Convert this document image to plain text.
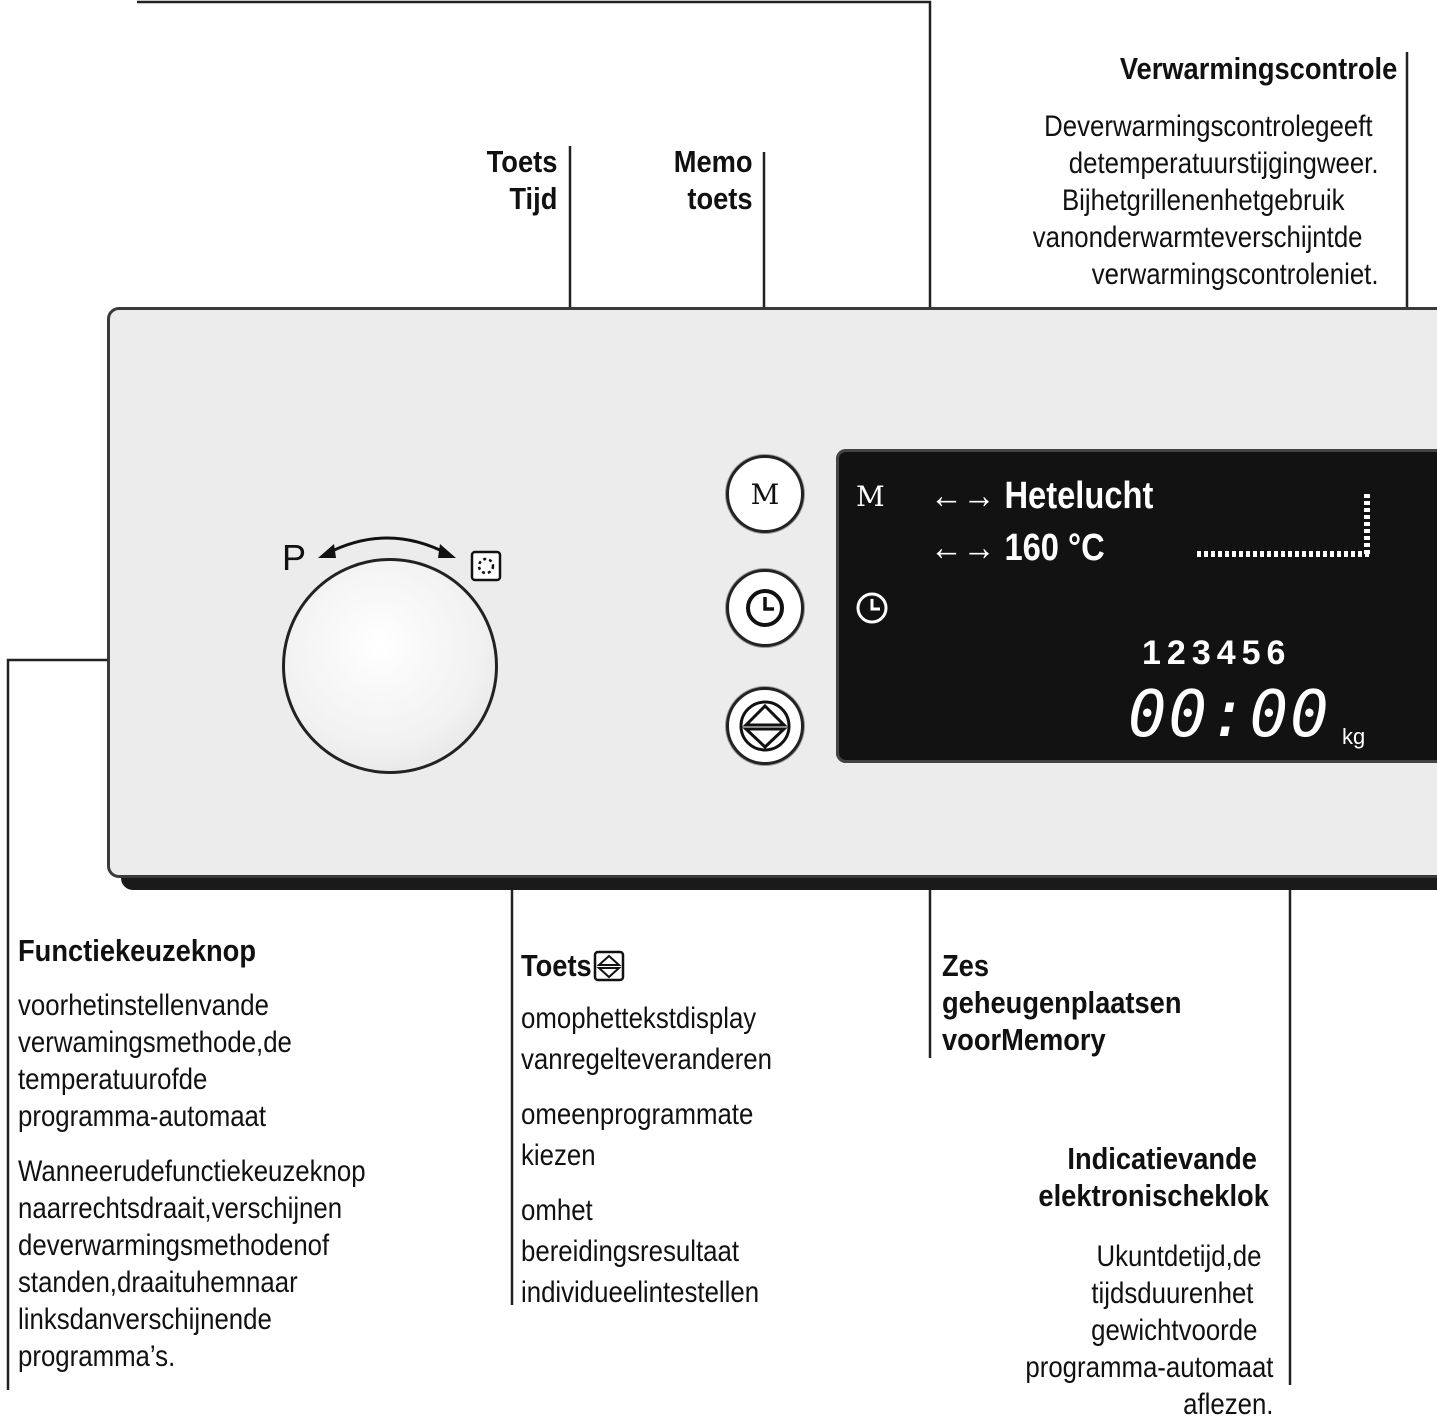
Verwarmingscontrole
Deverwarmingscontrolegeeft
detemperatuurstijgingweer.
Bijhetgrillenenhetgebruik
vanonderwarmteverschijntde
verwarmingscontroleniet.
Toets
Tijd
Memo
toets
P
M	M ←→ Hetelucht
←→ 160 °C
123456
00:00 kg
Functiekeuzeknop
voorhetinstellenvande
verwamingsmethode,de
temperatuurofde
programma-automaat
Wanneerudefunctiekeuzeknop
naarrechtsdraait,verschijnen
deverwarmingsmethodenof
standen,draaituhemnaar
linksdanverschijnende
programma’s.
Toets
omophettekstdisplay
vanregelteveranderen
omeenprogrammate
kiezen
omhet
bereidingsresultaat
individueelintestellen
Zes
geheugenplaatsen
voorMemory
Indicatievande
elektronischeklok
Ukuntdetijd,de
tijdsduurenhet
gewichtvoorde
programma-automaat
aflezen.
